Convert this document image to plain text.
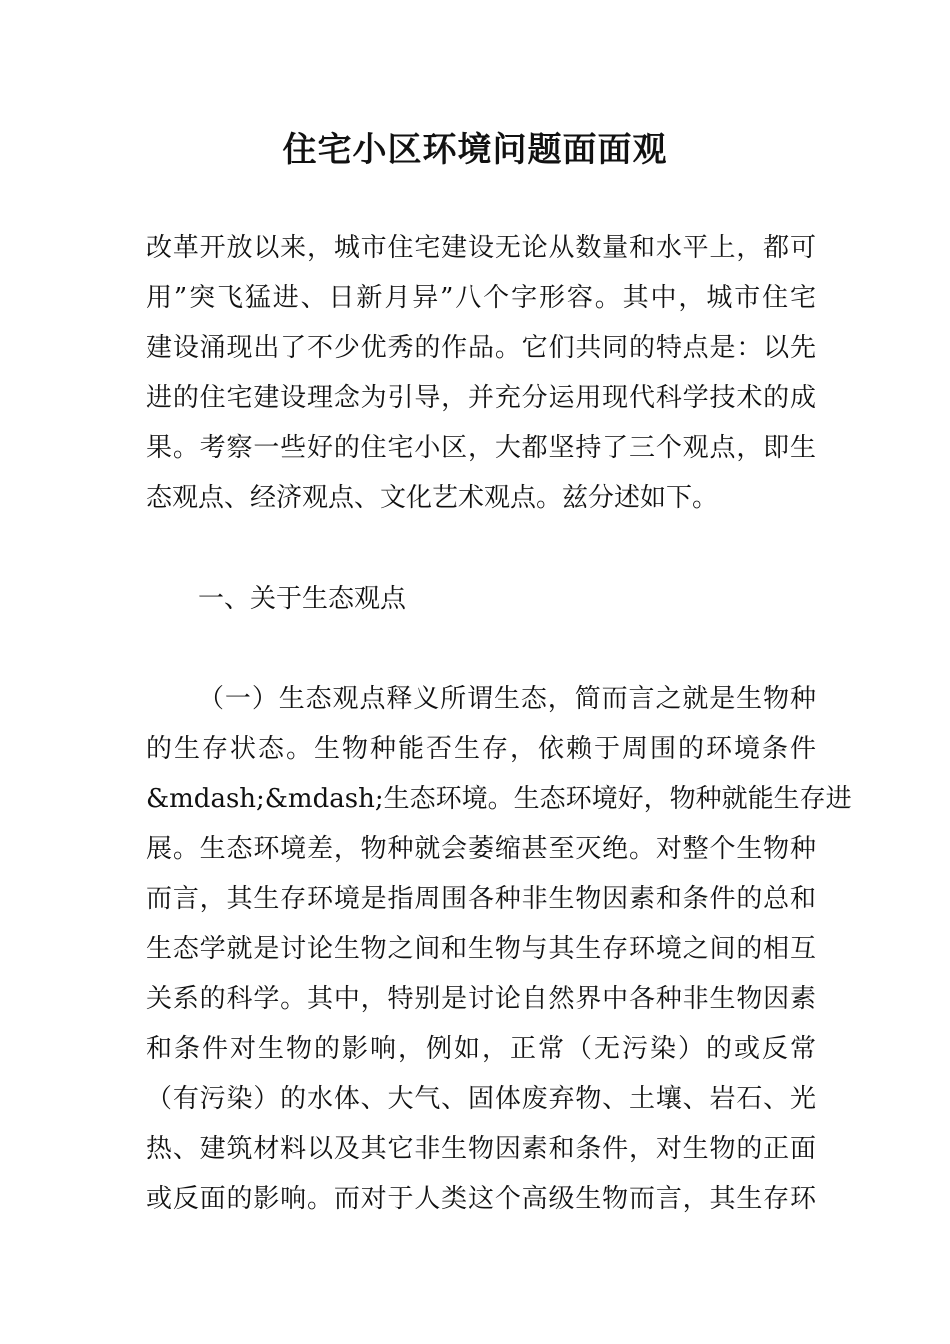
住宅小区环境问题面面观
改革开放以来，城市住宅建设无论从数量和水平上，都可
用”突飞猛进、日新月异”八个字形容。其中，城市住宅
建设涌现出了不少优秀的作品。它们共同的特点是：以先
进的住宅建设理念为引导，并充分运用现代科学技术的成
果。考察一些好的住宅小区，大都坚持了三个观点，即生
态观点、经济观点、文化艺术观点。兹分述如下。
一、关于生态观点
（一）生态观点释义所谓生态，简而言之就是生物种
的生存状态。生物种能否生存，依赖于周围的环境条件
&mdash;&mdash;生态环境。生态环境好，物种就能生存进
展。生态环境差，物种就会萎缩甚至灭绝。对整个生物种
而言，其生存环境是指周围各种非生物因素和条件的总和
生态学就是讨论生物之间和生物与其生存环境之间的相互
关系的科学。其中，特别是讨论自然界中各种非生物因素
和条件对生物的影响，例如，正常（无污染）的或反常
（有污染）的水体、大气、固体废弃物、土壤、岩石、光
热、建筑材料以及其它非生物因素和条件，对生物的正面
或反面的影响。而对于人类这个高级生物而言，其生存环
